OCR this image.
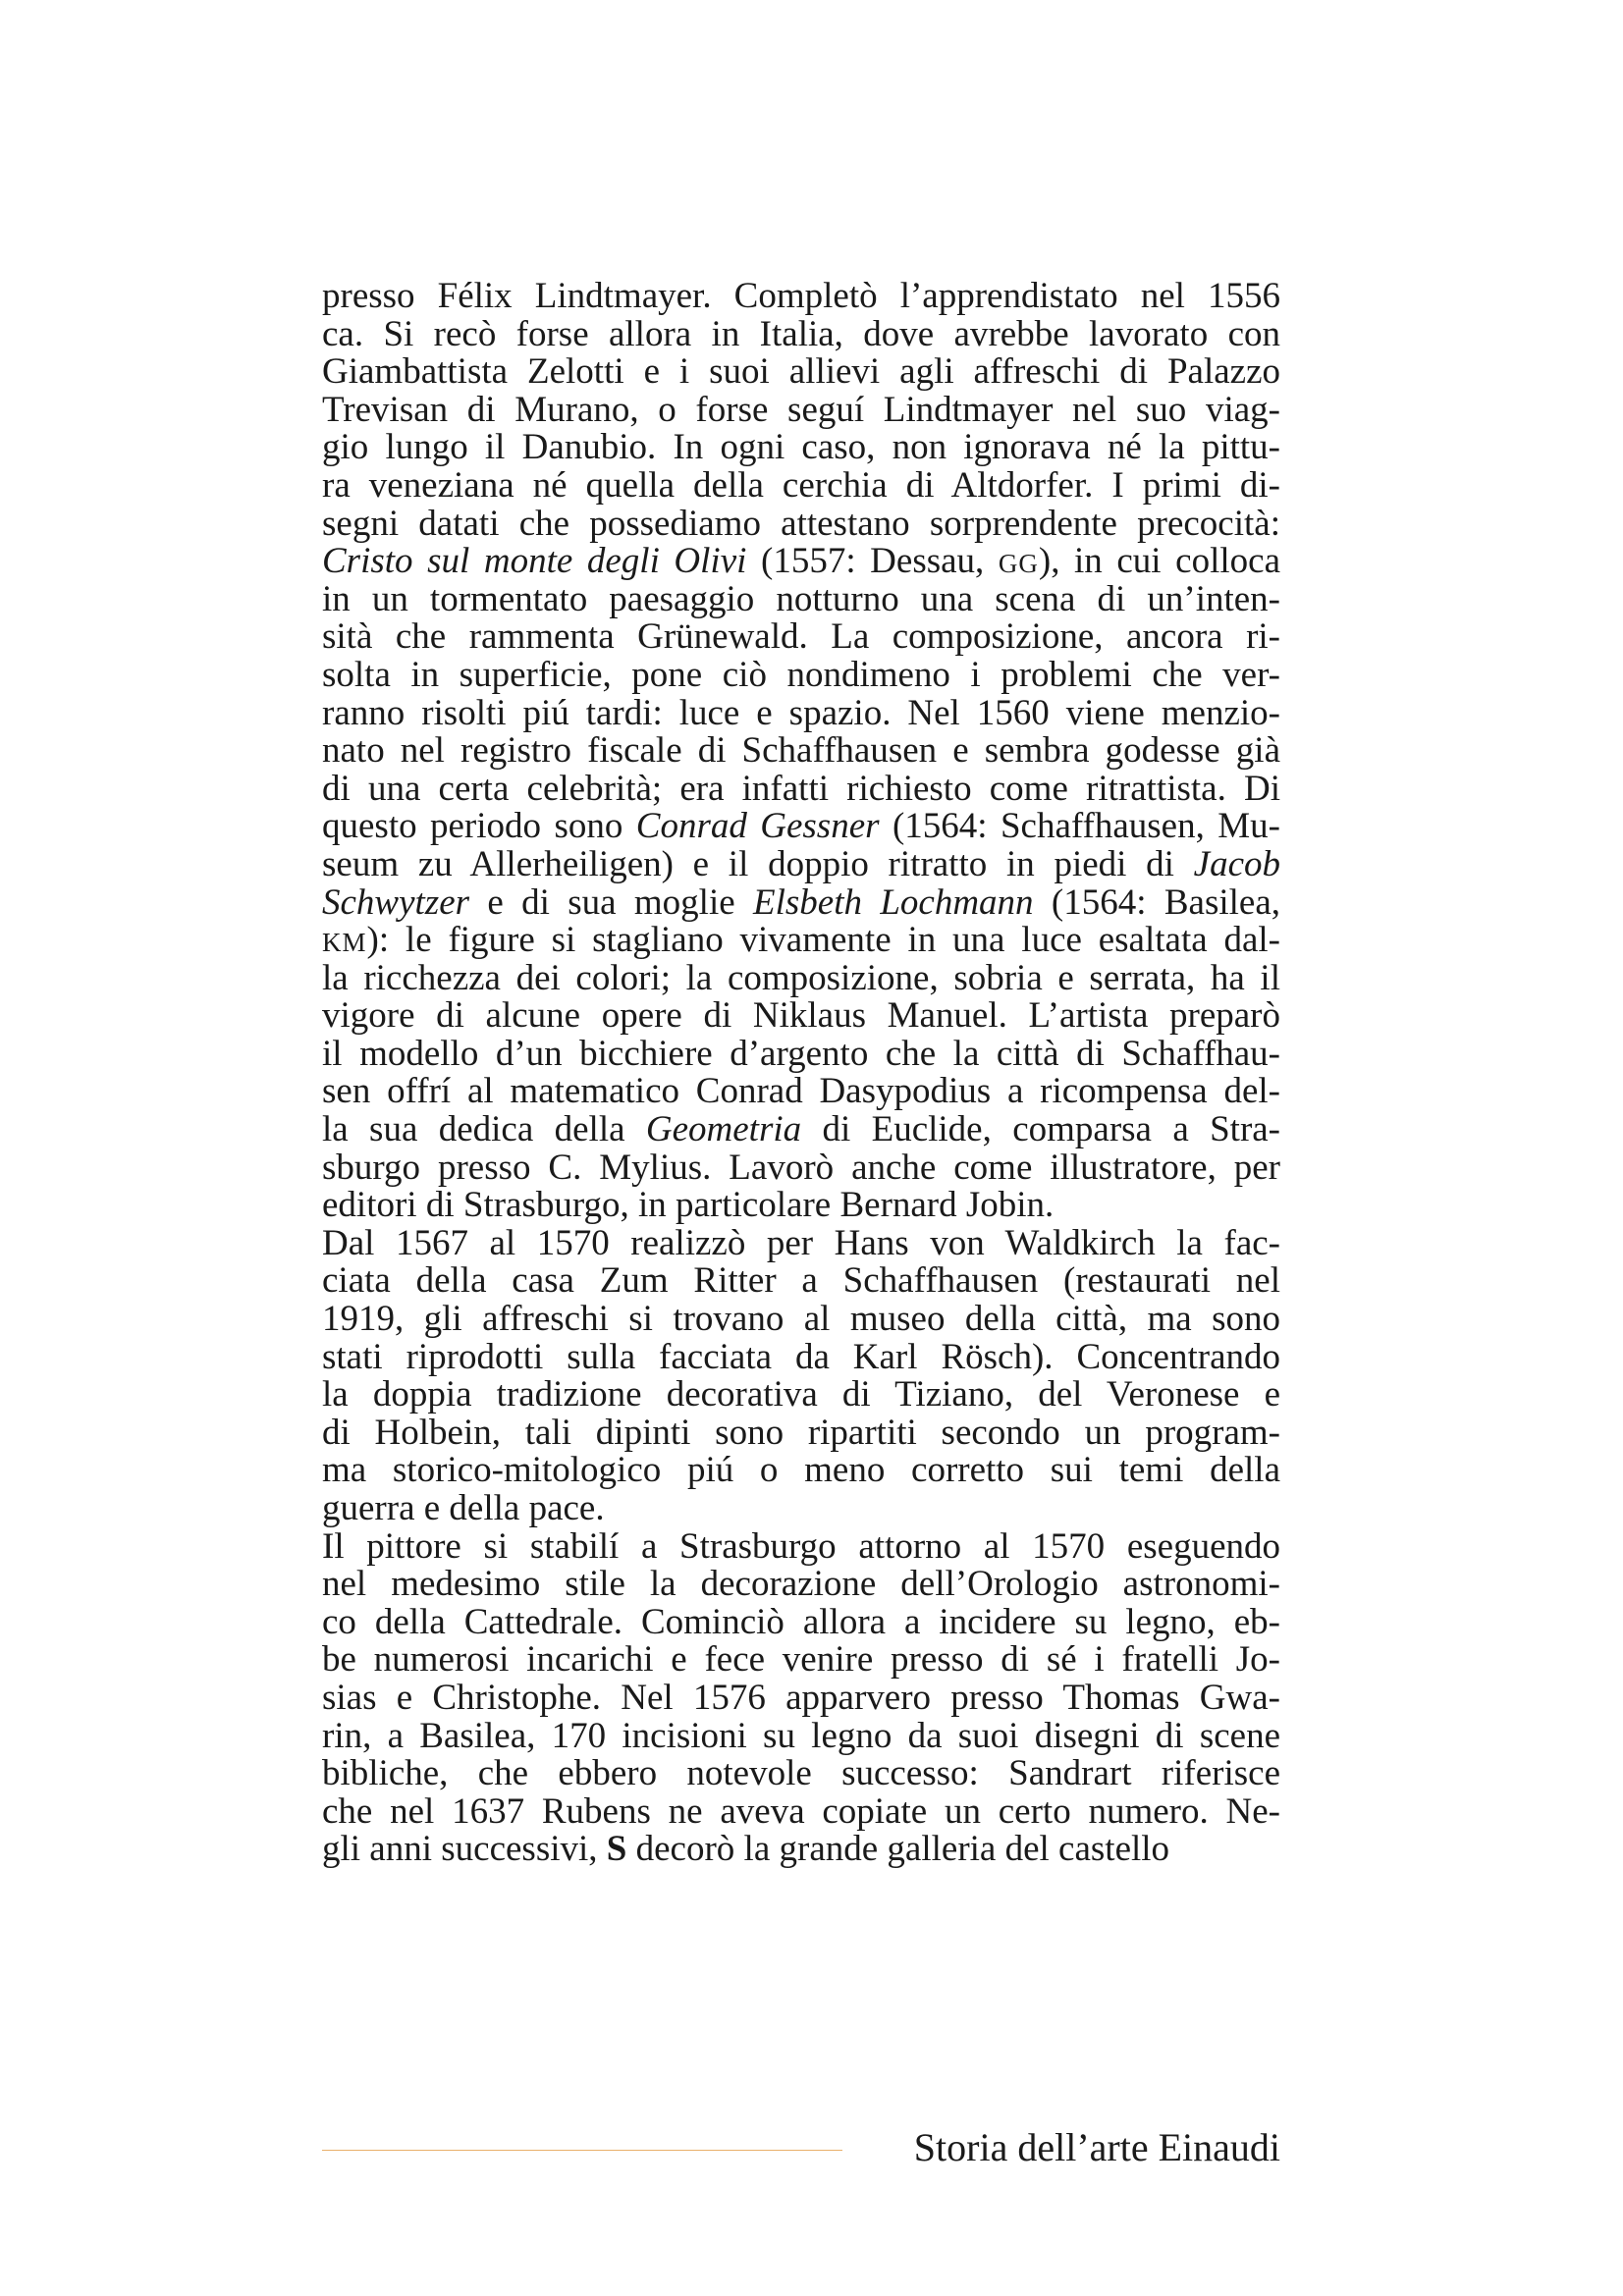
presso Félix Lindtmayer. Completò l’apprendistato nel 1556
ca. Si recò forse allora in Italia, dove avrebbe lavorato con
Giambattista Zelotti e i suoi allievi agli affreschi di Palazzo
Trevisan di Murano, o forse seguí Lindtmayer nel suo viag-
gio lungo il Danubio. In ogni caso, non ignorava né la pittu-
ra veneziana né quella della cerchia di Altdorfer. I primi di-
segni datati che possediamo attestano sorprendente precocità:
Cristo sul monte degli Olivi (1557: Dessau, GG), in cui colloca
in un tormentato paesaggio notturno una scena di un’inten-
sità che rammenta Grünewald. La composizione, ancora ri-
solta in superficie, pone ciò nondimeno i problemi che ver-
ranno risolti piú tardi: luce e spazio. Nel 1560 viene menzio-
nato nel registro fiscale di Schaffhausen e sembra godesse già
di una certa celebrità; era infatti richiesto come ritrattista. Di
questo periodo sono Conrad Gessner (1564: Schaffhausen, Mu-
seum zu Allerheiligen) e il doppio ritratto in piedi di Jacob
Schwytzer e di sua moglie Elsbeth Lochmann (1564: Basilea,
KM): le figure si stagliano vivamente in una luce esaltata dal-
la ricchezza dei colori; la composizione, sobria e serrata, ha il
vigore di alcune opere di Niklaus Manuel. L’artista preparò
il modello d’un bicchiere d’argento che la città di Schaffhau-
sen offrí al matematico Conrad Dasypodius a ricompensa del-
la sua dedica della Geometria di Euclide, comparsa a Stra-
sburgo presso C. Mylius. Lavorò anche come illustratore, per
editori di Strasburgo, in particolare Bernard Jobin.
Dal 1567 al 1570 realizzò per Hans von Waldkirch la fac-
ciata della casa Zum Ritter a Schaffhausen (restaurati nel
1919, gli affreschi si trovano al museo della città, ma sono
stati riprodotti sulla facciata da Karl Rösch). Concentrando
la doppia tradizione decorativa di Tiziano, del Veronese e
di Holbein, tali dipinti sono ripartiti secondo un program-
ma storico-mitologico piú o meno corretto sui temi della
guerra e della pace.
Il pittore si stabilí a Strasburgo attorno al 1570 eseguendo
nel medesimo stile la decorazione dell’Orologio astronomi-
co della Cattedrale. Cominciò allora a incidere su legno, eb-
be numerosi incarichi e fece venire presso di sé i fratelli Jo-
sias e Christophe. Nel 1576 apparvero presso Thomas Gwa-
rin, a Basilea, 170 incisioni su legno da suoi disegni di scene
bibliche, che ebbero notevole successo: Sandrart riferisce
che nel 1637 Rubens ne aveva copiate un certo numero. Ne-
gli anni successivi, S decorò la grande galleria del castello
Storia dell’arte Einaudi
